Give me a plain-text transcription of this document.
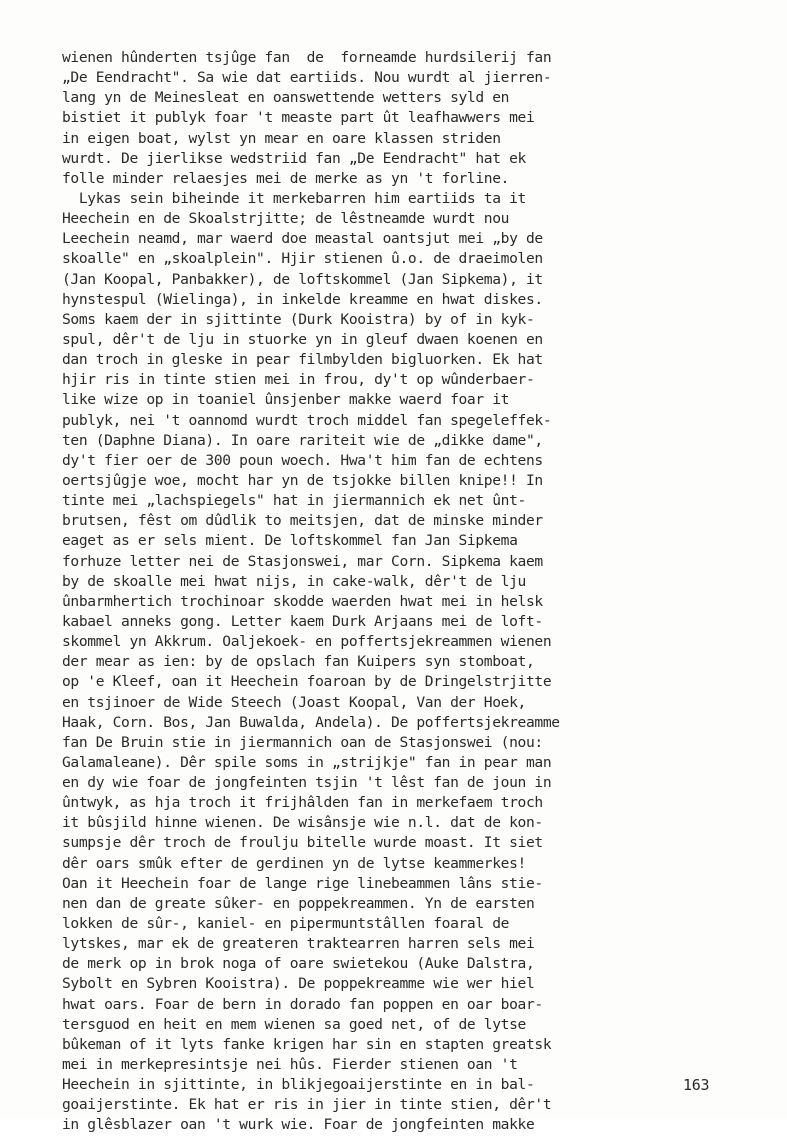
wienen hûnderten tsjûge fan  de  forneamde hurdsilerij fan
„De Eendracht". Sa wie dat eartiids. Nou wurdt al jierren-
lang yn de Meinesleat en oanswettende wetters syld en
bistiet it publyk foar 't measte part ût leafhawwers mei
in eigen boat, wylst yn mear en oare klassen striden
wurdt. De jierlikse wedstriid fan „De Eendracht" hat ek
folle minder relaesjes mei de merke as yn 't forline.
Lykas sein biheinde it merkebarren him eartiids ta it
Heechein en de Skoalstrjitte; de lêstneamde wurdt nou
Leechein neamd, mar waerd doe meastal oantsjut mei „by de
skoalle" en „skoalplein". Hjir stienen û.o. de draeimolen
(Jan Koopal, Panbakker), de loftskommel (Jan Sipkema), it
hynstespul (Wielinga), in inkelde kreamme en hwat diskes.
Soms kaem der in sjittinte (Durk Kooistra) by of in kyk-
spul, dêr't de lju in stuorke yn in gleuf dwaen koenen en
dan troch in gleske in pear filmbylden bigluorken. Ek hat
hjir ris in tinte stien mei in frou, dy't op wûnderbaer-
like wize op in toaniel ûnsjenber makke waerd foar it
publyk, nei 't oannomd wurdt troch middel fan spegeleffek-
ten (Daphne Diana). In oare rariteit wie de „dikke dame",
dy't fier oer de 300 poun woech. Hwa't him fan de echtens
oertsjûgje woe, mocht har yn de tsjokke billen knipe!! In
tinte mei „lachspiegels" hat in jiermannich ek net ûnt-
brutsen, fêst om dûdlik to meitsjen, dat de minske minder
eaget as er sels mient. De loftskommel fan Jan Sipkema
forhuze letter nei de Stasjonswei, mar Corn. Sipkema kaem
by de skoalle mei hwat nijs, in cake-walk, dêr't de lju
ûnbarmhertich trochinoar skodde waerden hwat mei in helsk
kabael anneks gong. Letter kaem Durk Arjaans mei de loft-
skommel yn Akkrum. Oaljekoek- en poffertsjekreammen wienen
der mear as ien: by de opslach fan Kuipers syn stomboat,
op 'e Kleef, oan it Heechein foaroan by de Dringelstrjitte
en tsjinoer de Wide Steech (Joast Koopal, Van der Hoek,
Haak, Corn. Bos, Jan Buwalda, Andela). De poffertsjekreamme
fan De Bruin stie in jiermannich oan de Stasjonswei (nou:
Galamaleane). Dêr spile soms in „strijkje" fan in pear man
en dy wie foar de jongfeinten tsjin 't lêst fan de joun in
ûntwyk, as hja troch it frijhâlden fan in merkefaem troch
it bûsjild hinne wienen. De wisânsje wie n.l. dat de kon-
sumpsje dêr troch de froulju bitelle wurde moast. It siet
dêr oars smûk efter de gerdinen yn de lytse keammerkes!
Oan it Heechein foar de lange rige linebeammen lâns stie-
nen dan de greate sûker- en poppekreammen. Yn de earsten
lokken de sûr-, kaniel- en pipermuntstâllen foaral de
lytskes, mar ek de greateren traktearren harren sels mei
de merk op in brok noga of oare swietekou (Auke Dalstra,
Sybolt en Sybren Kooistra). De poppekreamme wie wer hiel
hwat oars. Foar de bern in dorado fan poppen en oar boar-
tersguod en heit en mem wienen sa goed net, of de lytse
bûkeman of it lyts fanke krigen har sin en stapten greatsk
mei in merkepresintsje nei hûs. Fierder stienen oan 't
Heechein in sjittinte, in blikjegoaijerstinte en in bal-
goaijerstinte. Ek hat er ris in jier in tinte stien, dêr't
in glêsblazer oan 't wurk wie. Foar de jongfeinten makke
163
